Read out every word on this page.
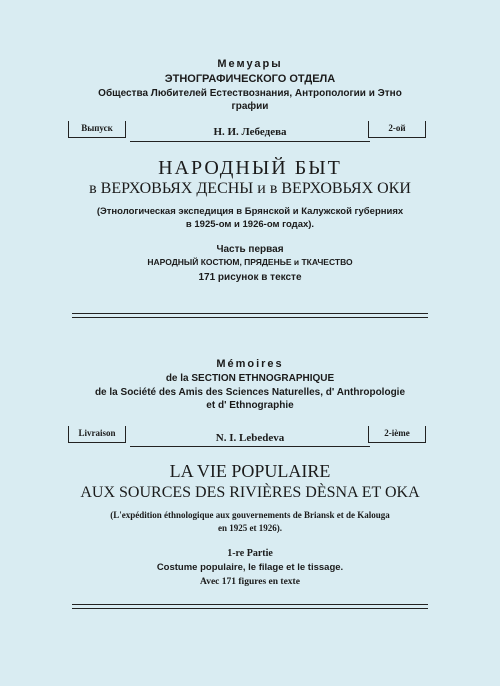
Мемуары
ЭТНОГРАФИЧЕСКОГО ОТДЕЛА
Общества Любителей Естествознания, Антропологии и Этно
графии
Выпуск	Н. И. Лебедева	2-ой
НАРОДНЫЙ БЫТ
в ВЕРХОВЬЯХ ДЕСНЫ и в ВЕРХОВЬЯХ ОКИ
(Этнологическая экспедиция в Брянской и Калужской губерниях
в 1925-ом и 1926-ом годах).
Часть первая
НАРОДНЫЙ КОСТЮМ, ПРЯДЕНЬЕ и ТКАЧЕСТВО
171 рисунок в тексте
Mémoires
de la SECTION ETHNOGRAPHIQUE
de la Société des Amis des Sciences Naturelles, d' Anthropologie
et d' Ethnographie
Livraison	N. I. Lebedeva	2-ième
LA VIE POPULAIRE
AUX SOURCES DES RIVIÈRES DÈSNA ET OKA
(L'expédition éthnologique aux gouvernements de Briansk et de Kalouga
en 1925 et 1926).
1-re Partie
Costume populaire, le filage et le tissage.
Avec 171 figures en texte
